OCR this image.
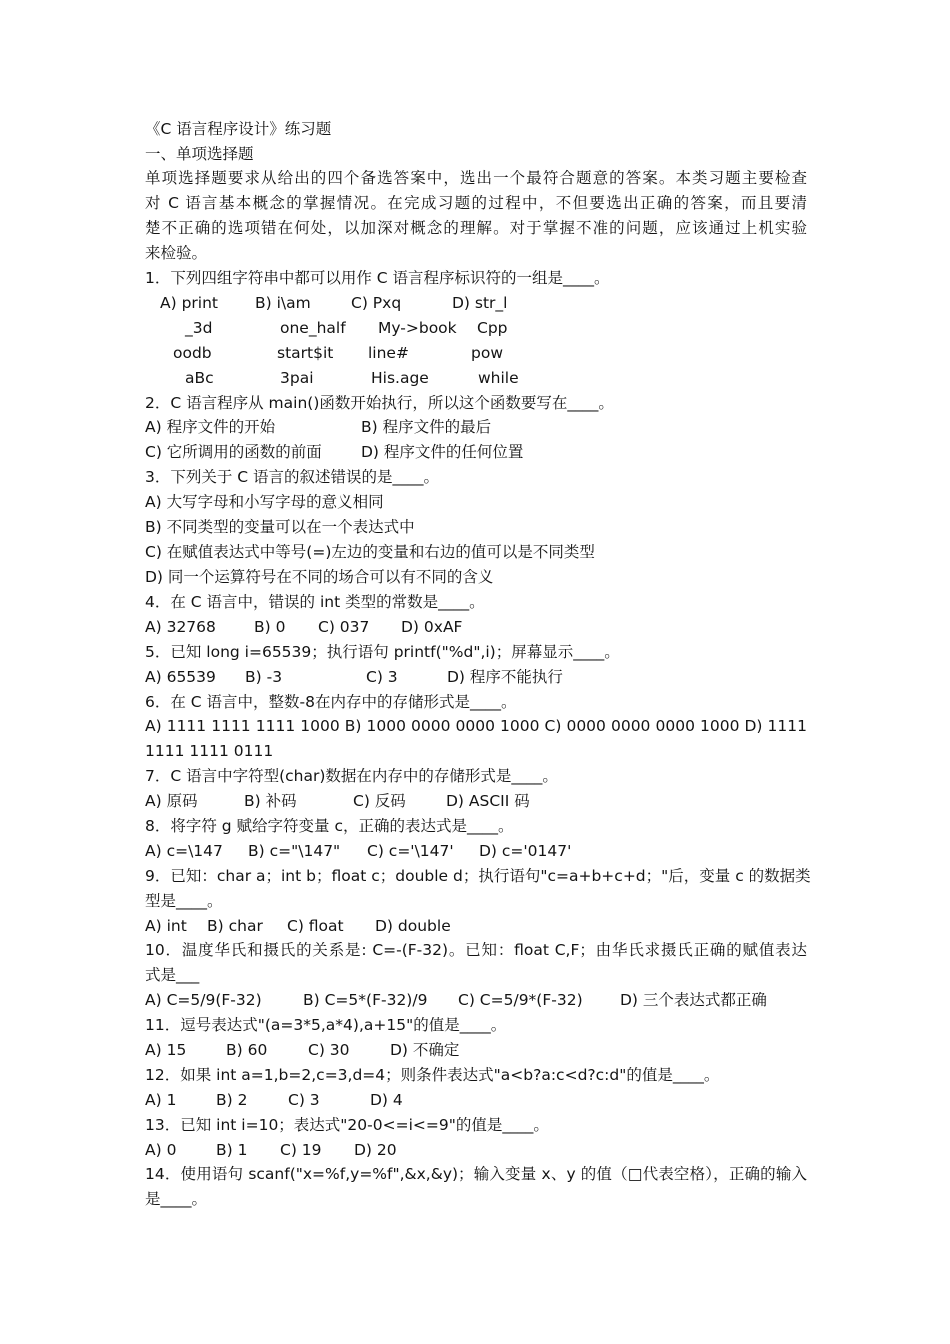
《C 语言程序设计》练习题
一、单项选择题
单项选择题要求从给出的四个备选答案中，选出一个最符合题意的答案。本类习题主要检查
对 C 语言基本概念的掌握情况。在完成习题的过程中，不但要选出正确的答案，而且要清
楚不正确的选项错在何处，以加深对概念的理解。对于掌握不准的问题，应该通过上机实验
来检验。
1．下列四组字符串中都可以用作 C 语言程序标识符的一组是____。
A) print B) i\am	C) Pxq	D) str_l
_3d	one_half My->book Cpp
oodb	start$it line#	pow
aBc	3pai	His.age	while
2．C 语言程序从 main()函数开始执行，所以这个函数要写在____。
A) 程序文件的开始	B) 程序文件的最后
C) 它所调用的函数的前面	D) 程序文件的任何位置
3．下列关于 C 语言的叙述错误的是____。
A) 大写字母和小写字母的意义相同
B) 不同类型的变量可以在一个表达式中
C) 在赋值表达式中等号(=)左边的变量和右边的值可以是不同类型
D) 同一个运算符号在不同的场合可以有不同的含义
4．在 C 语言中，错误的 int 类型的常数是____。
A) 32768 B) 0 C) 037 D) 0xAF
5．已知 long i=65539；执行语句 printf("%d",i)；屏幕显示____。
A) 65539 B) -3	C) 3	D) 程序不能执行
6．在 C 语言中，整数-8在内存中的存储形式是____。
A) 1111 1111 1111 1000 B) 1000 0000 0000 1000 C) 0000 0000 0000 1000 D) 1111
1111 1111 0111
7．C 语言中字符型(char)数据在内存中的存储形式是____。
A) 原码	B) 补码	C) 反码	D) ASCII 码
8．将字符 g 赋给字符变量 c，正确的表达式是____。
A) c=\147 B) c="\147" C) c='\147' D) c='0147'
9．已知：char a；int b；float c；double d；执行语句"c=a+b+c+d；"后，变量 c 的数据类
型是____。
A) int B) char C) float D) double
10．温度华氏和摄氏的关系是: C=-(F-32)。已知：float C,F；由华氏求摄氏正确的赋值表达
式是___
A) C=5/9(F-32)	B) C=5*(F-32)/9 C) C=5/9*(F-32) D) 三个表达式都正确
11．逗号表达式"(a=3*5,a*4),a+15"的值是____。
A) 15	B) 60	C) 30	D) 不确定
12．如果 int a=1,b=2,c=3,d=4；则条件表达式"a<b?a:c<d?c:d"的值是____。
A) 1	B) 2	C) 3	D) 4
13．已知 int i=10；表达式"20-0<=i<=9"的值是____。
A) 0	B) 1 C) 19 D) 20
14．使用语句 scanf("x=%f,y=%f",&x,&y)；输入变量 x、y 的值（□代表空格），正确的输入
是____。
